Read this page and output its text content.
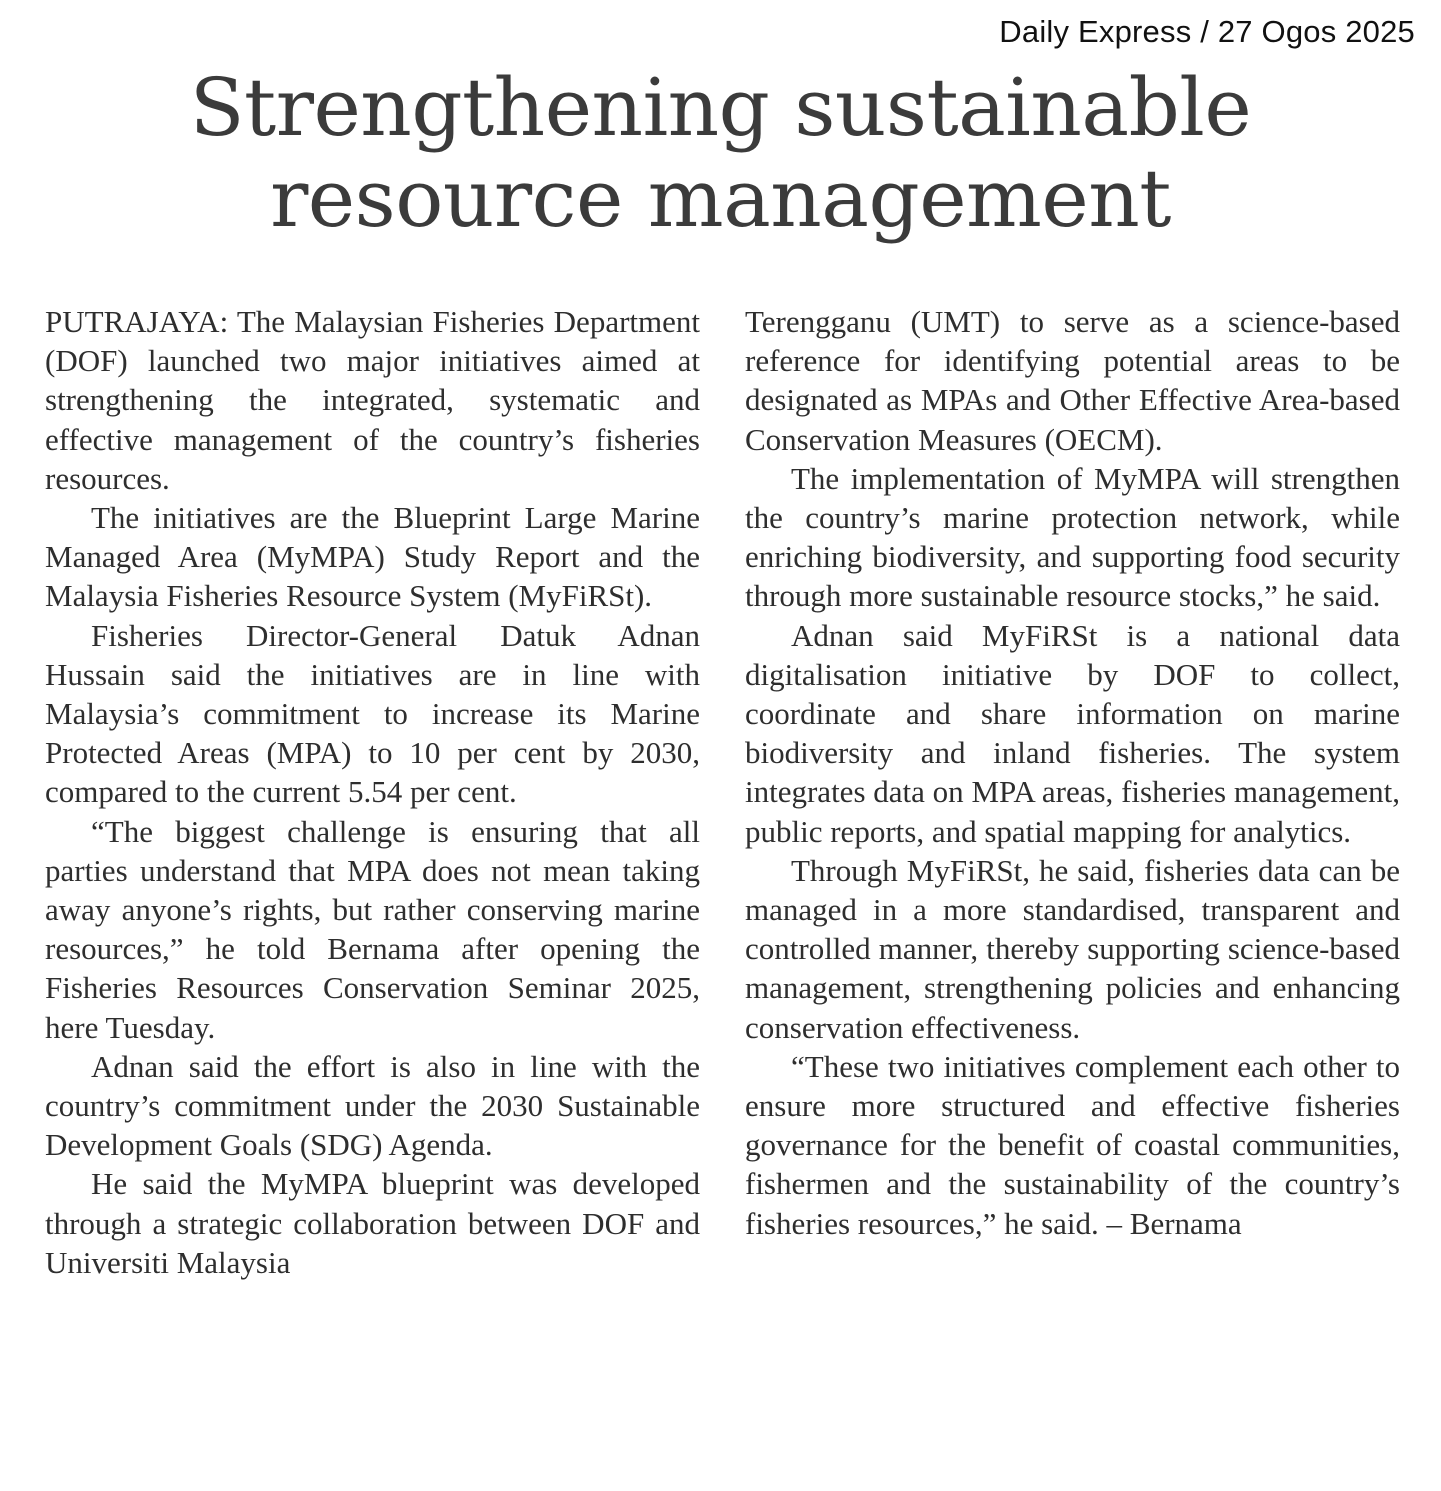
Daily Express / 27 Ogos 2025
Strengthening sustainable
resource management

PUTRAJAYA: The Malaysian Fisheries Department (DOF) launched two major initiatives aimed at strengthening the integrated, systematic and effective management of the country’s fisheries resources.

The initiatives are the Blueprint Large Marine Managed Area (MyMPA) Study Report and the Malaysia Fisheries Resource System (MyFiRSt).

Fisheries Director-General Datuk Adnan Hussain said the initiatives are in line with Malaysia’s commitment to increase its Marine Protected Areas (MPA) to 10 per cent by 2030, compared to the current 5.54 per cent.

“The biggest challenge is ensuring that all parties understand that MPA does not mean taking away anyone’s rights, but rather conserving marine resources,” he told Bernama after opening the Fisheries Resources Conservation Seminar 2025, here Tuesday.

Adnan said the effort is also in line with the country’s commitment under the 2030 Sustainable Development Goals (SDG) Agenda.

He said the MyMPA blueprint was developed through a strategic collaboration between DOF and Universiti Malaysia

Terengganu (UMT) to serve as a science-based reference for identifying potential areas to be designated as MPAs and Other Effective Area-based Conservation Measures (OECM).

The implementation of MyMPA will strengthen the country’s marine protection network, while enriching biodiversity, and supporting food security through more sustainable resource stocks,” he said.

Adnan said MyFiRSt is a national data digitalisation initiative by DOF to collect, coordinate and share information on marine biodiversity and inland fisheries. The system integrates data on MPA areas, fisheries management, public reports, and spatial mapping for analytics.

Through MyFiRSt, he said, fisheries data can be managed in a more standardised, transparent and controlled manner, thereby supporting science-based management, strengthening policies and enhancing conservation effectiveness.

“These two initiatives complement each other to ensure more structured and effective fisheries governance for the benefit of coastal communities, fishermen and the sustainability of the country’s fisheries resources,” he said. – Bernama
